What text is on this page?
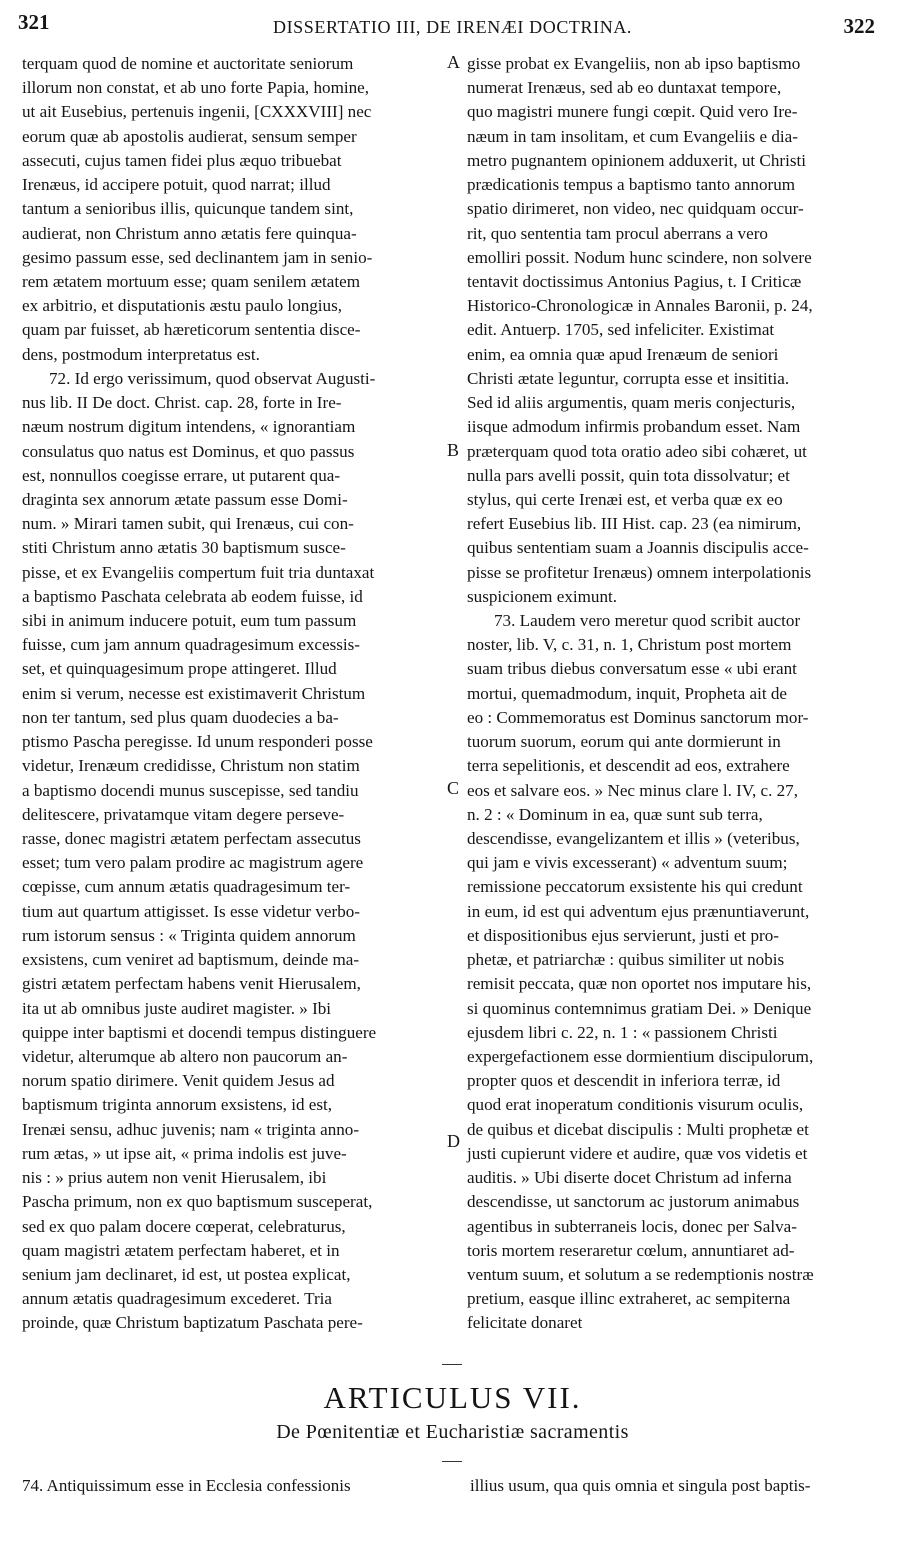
321	DISSERTATIO III, DE IRENÆI DOCTRINA.	322

terquam quod de nomine et auctoritate seniorum

illorum non constat, et ab uno forte Papia, homine,

ut ait Eusebius, pertenuis ingenii, [CXXXVIII] nec

eorum quæ ab apostolis audierat, sensum semper

assecuti, cujus tamen fidei plus æquo tribuebat

Irenæus, id accipere potuit, quod narrat; illud

tantum a senioribus illis, quicunque tandem sint,

audierat, non Christum anno ætatis fere quinqua-

gesimo passum esse, sed declinantem jam in senio-

rem ætatem mortuum esse; quam senilem ætatem

ex arbitrio, et disputationis æstu paulo longius,

quam par fuisset, ab hæreticorum sententia disce-

dens, postmodum interpretatus est.

72. Id ergo verissimum, quod observat Augusti-

nus lib. II De doct. Christ. cap. 28, forte in Ire-

næum nostrum digitum intendens, « ignorantiam

consulatus quo natus est Dominus, et quo passus

est, nonnullos coegisse errare, ut putarent qua-

draginta sex annorum ætate passum esse Domi-

num. » Mirari tamen subit, qui Irenæus, cui con-

stiti Christum anno ætatis 30 baptismum susce-

pisse, et ex Evangeliis compertum fuit tria duntaxat

a baptismo Paschata celebrata ab eodem fuisse, id

sibi in animum inducere potuit, eum tum passum

fuisse, cum jam annum quadragesimum excessis-

set, et quinquagesimum prope attingeret. Illud

enim si verum, necesse est existimaverit Christum

non ter tantum, sed plus quam duodecies a ba-

ptismo Pascha peregisse. Id unum responderi posse

videtur, Irenæum credidisse, Christum non statim

a baptismo docendi munus suscepisse, sed tandiu

delitescere, privatamque vitam degere perseve-

rasse, donec magistri ætatem perfectam assecutus

esset; tum vero palam prodire ac magistrum agere

cœpisse, cum annum ætatis quadragesimum ter-

tium aut quartum attigisset. Is esse videtur verbo-

rum istorum sensus : « Triginta quidem annorum

exsistens, cum veniret ad baptismum, deinde ma-

gistri ætatem perfectam habens venit Hierusalem,

ita ut ab omnibus juste audiret magister. » Ibi

quippe inter baptismi et docendi tempus distinguere

videtur, alterumque ab altero non paucorum an-

norum spatio dirimere. Venit quidem Jesus ad

baptismum triginta annorum exsistens, id est,

Irenæi sensu, adhuc juvenis; nam « triginta anno-

rum ætas, » ut ipse ait, « prima indolis est juve-

nis : » prius autem non venit Hierusalem, ibi

Pascha primum, non ex quo baptismum susceperat,

sed ex quo palam docere cœperat, celebraturus,

quam magistri ætatem perfectam haberet, et in

senium jam declinaret, id est, ut postea explicat,

annum ætatis quadragesimum excederet. Tria

proinde, quæ Christum baptizatum Paschata pere-

gisse probat ex Evangeliis, non ab ipso baptismo

numerat Irenæus, sed ab eo duntaxat tempore,

quo magistri munere fungi cœpit. Quid vero Ire-

næum in tam insolitam, et cum Evangeliis e dia-

metro pugnantem opinionem adduxerit, ut Christi

prædicationis tempus a baptismo tanto annorum

spatio dirimeret, non video, nec quidquam occur-

rit, quo sententia tam procul aberrans a vero

emolliri possit. Nodum hunc scindere, non solvere

tentavit doctissimus Antonius Pagius, t. I Criticæ

Historico-Chronologicæ in Annales Baronii, p. 24,

edit. Antuerp. 1705, sed infeliciter. Existimat

enim, ea omnia quæ apud Irenæum de seniori

Christi ætate leguntur, corrupta esse et insititia.

Sed id aliis argumentis, quam meris conjecturis,

iisque admodum infirmis probandum esset. Nam

præterquam quod tota oratio adeo sibi cohæret, ut

nulla pars avelli possit, quin tota dissolvatur; et

stylus, qui certe Irenæi est, et verba quæ ex eo

refert Eusebius lib. III Hist. cap. 23 (ea nimirum,

quibus sententiam suam a Joannis discipulis acce-

pisse se profitetur Irenæus) omnem interpolationis

suspicionem eximunt.

73. Laudem vero meretur quod scribit auctor

noster, lib. V, c. 31, n. 1, Christum post mortem

suam tribus diebus conversatum esse « ubi erant

mortui, quemadmodum, inquit, Propheta ait de

eo : Commemoratus est Dominus sanctorum mor-

tuorum suorum, eorum qui ante dormierunt in

terra sepelitionis, et descendit ad eos, extrahere

eos et salvare eos. » Nec minus clare l. IV, c. 27,

n. 2 : « Dominum in ea, quæ sunt sub terra,

descendisse, evangelizantem et illis » (veteribus,

qui jam e vivis excesserant) « adventum suum;

remissione peccatorum exsistente his qui credunt

in eum, id est qui adventum ejus prænuntiaverunt,

et dispositionibus ejus servierunt, justi et pro-

phetæ, et patriarchæ : quibus similiter ut nobis

remisit peccata, quæ non oportet nos imputare his,

si quominus contemnimus gratiam Dei. » Denique

ejusdem libri c. 22, n. 1 : « passionem Christi

expergefactionem esse dormientium discipulorum,

propter quos et descendit in inferiora terræ, id

quod erat inoperatum conditionis visurum oculis,

de quibus et dicebat discipulis : Multi prophetæ et

justi cupierunt videre et audire, quæ vos videtis et

auditis. » Ubi diserte docet Christum ad inferna

descendisse, ut sanctorum ac justorum animabus

agentibus in subterraneis locis, donec per Salva-

toris mortem reseraretur cœlum, annuntiaret ad-

ventum suum, et solutum a se redemptionis nostræ

pretium, easque illinc extraheret, ac sempiterna

felicitate donaret

A
B
C
D
ARTICULUS VII.
De Pœnitentiæ et Eucharistiæ sacramentis
74. Antiquissimum esse in Ecclesia confessionis	illius usum, qua quis omnia et singula post baptis-
